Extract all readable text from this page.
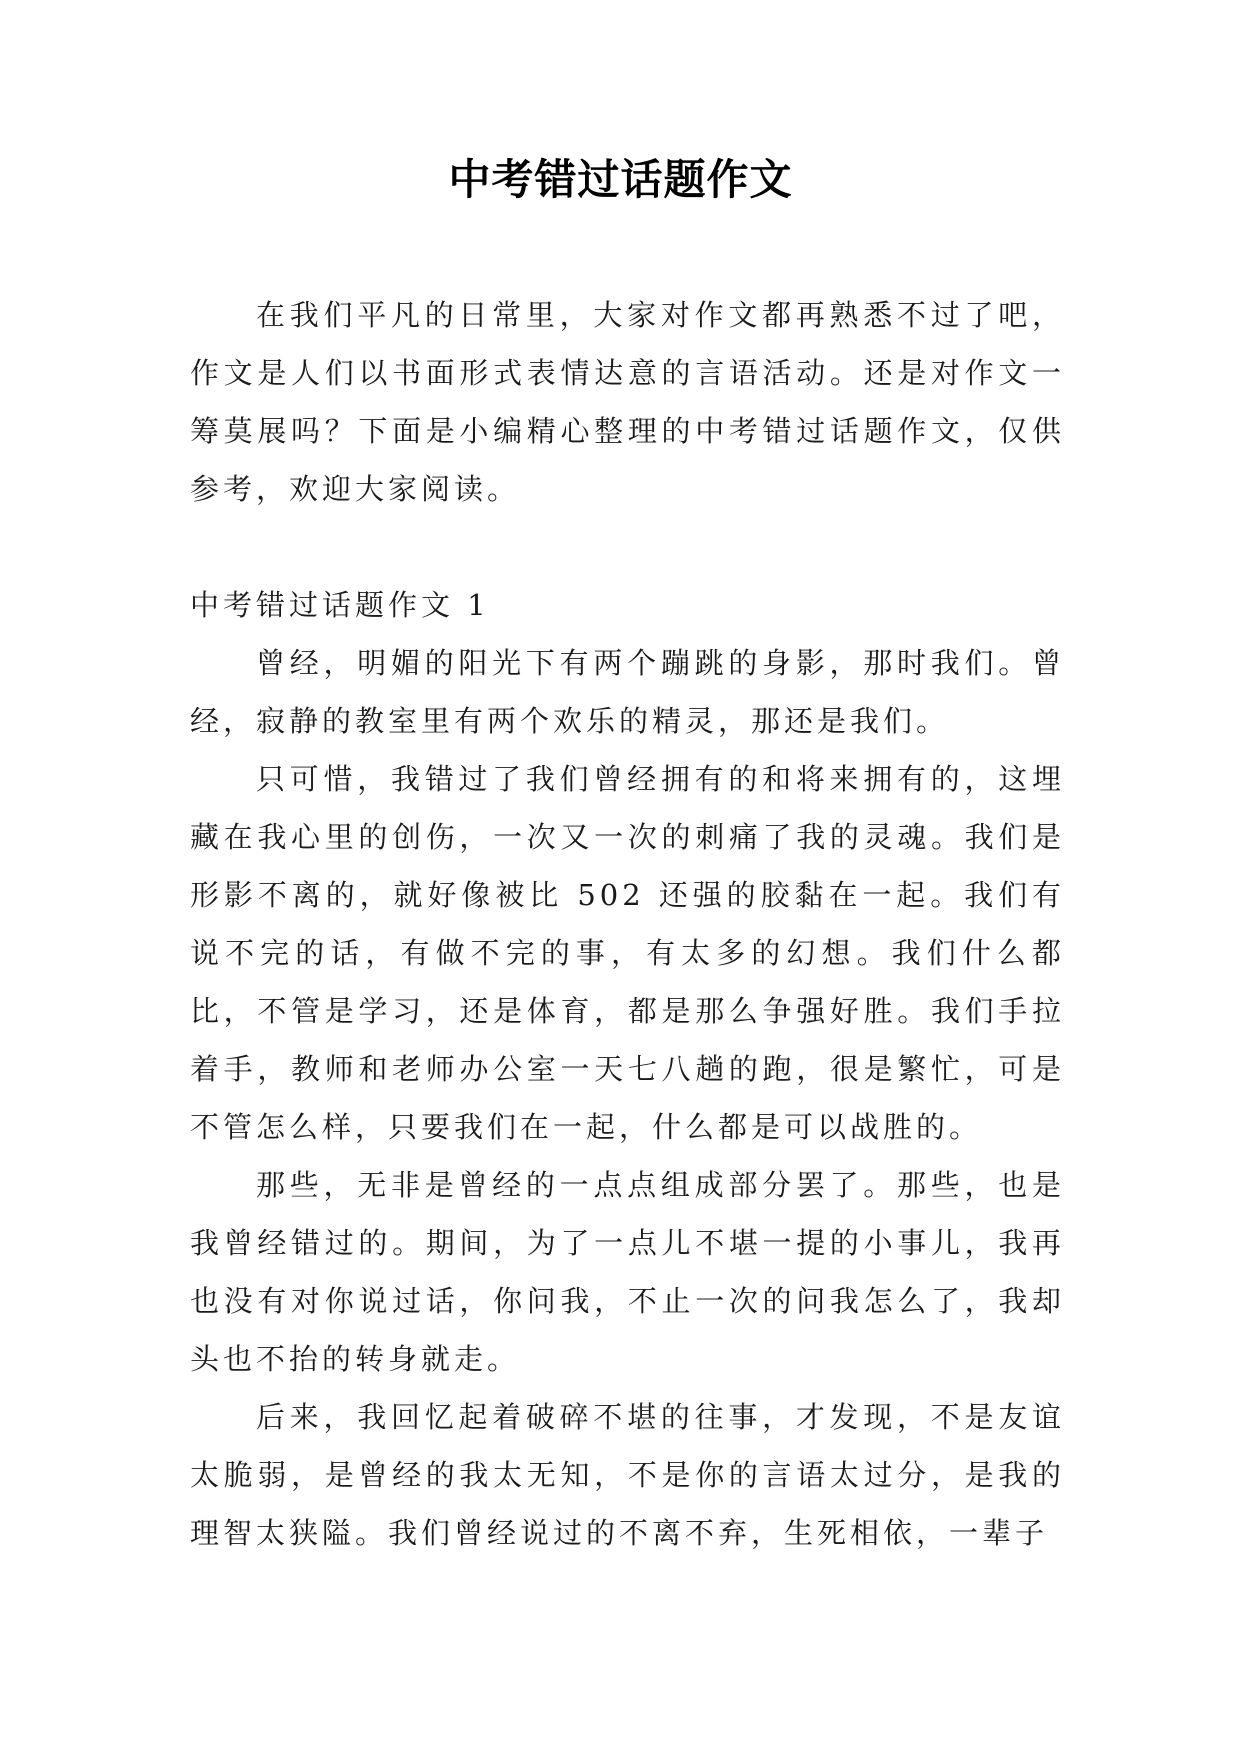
中考错过话题作文

在我们平凡的日常里，大家对作文都再熟悉不过了吧，作文是人们以书面形式表情达意的言语活动。还是对作文一筹莫展吗？下面是小编精心整理的中考错过话题作文，仅供参考，欢迎大家阅读。

中考错过话题作文 1

曾经，明媚的阳光下有两个蹦跳的身影，那时我们。曾经，寂静的教室里有两个欢乐的精灵，那还是我们。

只可惜，我错过了我们曾经拥有的和将来拥有的，这埋藏在我心里的创伤，一次又一次的刺痛了我的灵魂。我们是形影不离的，就好像被比 502 还强的胶黏在一起。我们有说不完的话，有做不完的事，有太多的幻想。我们什么都比，不管是学习，还是体育，都是那么争强好胜。我们手拉着手，教师和老师办公室一天七八趟的跑，很是繁忙，可是不管怎么样，只要我们在一起，什么都是可以战胜的。

那些，无非是曾经的一点点组成部分罢了。那些，也是我曾经错过的。期间，为了一点儿不堪一提的小事儿，我再也没有对你说过话，你问我，不止一次的问我怎么了，我却头也不抬的转身就走。

后来，我回忆起着破碎不堪的往事，才发现，不是友谊太脆弱，是曾经的我太无知，不是你的言语太过分，是我的理智太狭隘。我们曾经说过的不离不弃，生死相依，一辈子
